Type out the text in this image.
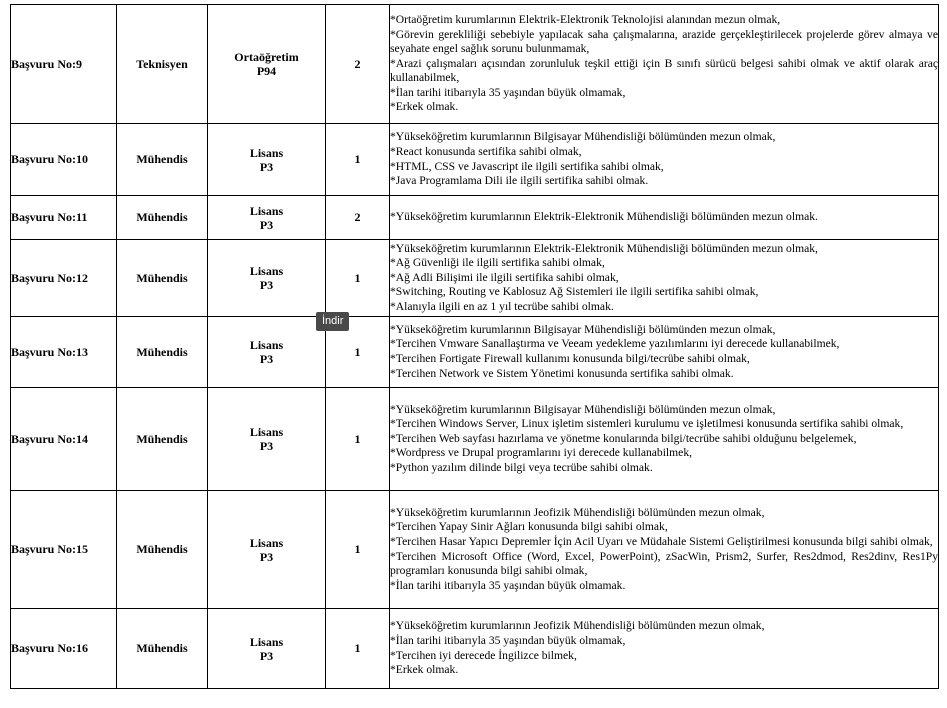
Başvuru No:9	Teknisyen	Ortaöğretim
P94	2	*Ortaöğretim kurumlarının Elektrik-Elektronik Teknolojisi alanından mezun olmak,
*Görevin gerekliliği sebebiyle yapılacak saha çalışmalarına, arazide gerçekleştirilecek projelerde görev almaya ve seyahate engel sağlık sorunu bulunmamak,
*Arazi çalışmaları açısından zorunluluk teşkil ettiği için B sınıfı sürücü belgesi sahibi olmak ve aktif olarak araç kullanabilmek,
*İlan tarihi itibarıyla 35 yaşından büyük olmamak,
*Erkek olmak.

Başvuru No:10	Mühendis	Lisans
P3	1	*Yükseköğretim kurumlarının Bilgisayar Mühendisliği bölümünden mezun olmak,
*React konusunda sertifika sahibi olmak,
*HTML, CSS ve Javascript ile ilgili sertifika sahibi olmak,
*Java Programlama Dili ile ilgili sertifika sahibi olmak.

Başvuru No:11	Mühendis	Lisans
P3	2	*Yükseköğretim kurumlarının Elektrik-Elektronik Mühendisliği bölümünden mezun olmak.

Başvuru No:12	Mühendis	Lisans
P3	1	*Yükseköğretim kurumlarının Elektrik-Elektronik Mühendisliği bölümünden mezun olmak,
*Ağ Güvenliği ile ilgili sertifika sahibi olmak,
*Ağ Adli Bilişimi ile ilgili sertifika sahibi olmak,
*Switching, Routing ve Kablosuz Ağ Sistemleri ile ilgili sertifika sahibi olmak,
*Alanıyla ilgili en az 1 yıl tecrübe sahibi olmak.

Başvuru No:13	Mühendis	Lisans
P3	1	*Yükseköğretim kurumlarının Bilgisayar Mühendisliği bölümünden mezun olmak,
*Tercihen Vmware Sanallaştırma ve Veeam yedekleme yazılımlarını iyi derecede kullanabilmek,
*Tercihen Fortigate Firewall kullanımı konusunda bilgi/tecrübe sahibi olmak,
*Tercihen Network ve Sistem Yönetimi konusunda sertifika sahibi olmak.

Başvuru No:14	Mühendis	Lisans
P3	1	*Yükseköğretim kurumlarının Bilgisayar Mühendisliği bölümünden mezun olmak,
*Tercihen Windows Server, Linux işletim sistemleri kurulumu ve işletilmesi konusunda sertifika sahibi olmak,
*Tercihen Web sayfası hazırlama ve yönetme konularında bilgi/tecrübe sahibi olduğunu belgelemek,
*Wordpress ve Drupal programlarını iyi derecede kullanabilmek,
*Python yazılım dilinde bilgi veya tecrübe sahibi olmak.

Başvuru No:15	Mühendis	Lisans
P3	1	*Yükseköğretim kurumlarının Jeofizik Mühendisliği bölümünden mezun olmak,
*Tercihen Yapay Sinir Ağları konusunda bilgi sahibi olmak,
*Tercihen Hasar Yapıcı Depremler İçin Acil Uyarı ve Müdahale Sistemi Geliştirilmesi konusunda bilgi sahibi olmak,
*Tercihen Microsoft Office (Word, Excel, PowerPoint), zSacWin, Prism2, Surfer, Res2dmod, Res2dinv, Res1Py programları konusunda bilgi sahibi olmak,
*İlan tarihi itibarıyla 35 yaşından büyük olmamak.

Başvuru No:16	Mühendis	Lisans
P3	1	*Yükseköğretim kurumlarının Jeofizik Mühendisliği bölümünden mezun olmak,
*İlan tarihi itibarıyla 35 yaşından büyük olmamak,
*Tercihen iyi derecede İngilizce bilmek,
*Erkek olmak.
İndir
